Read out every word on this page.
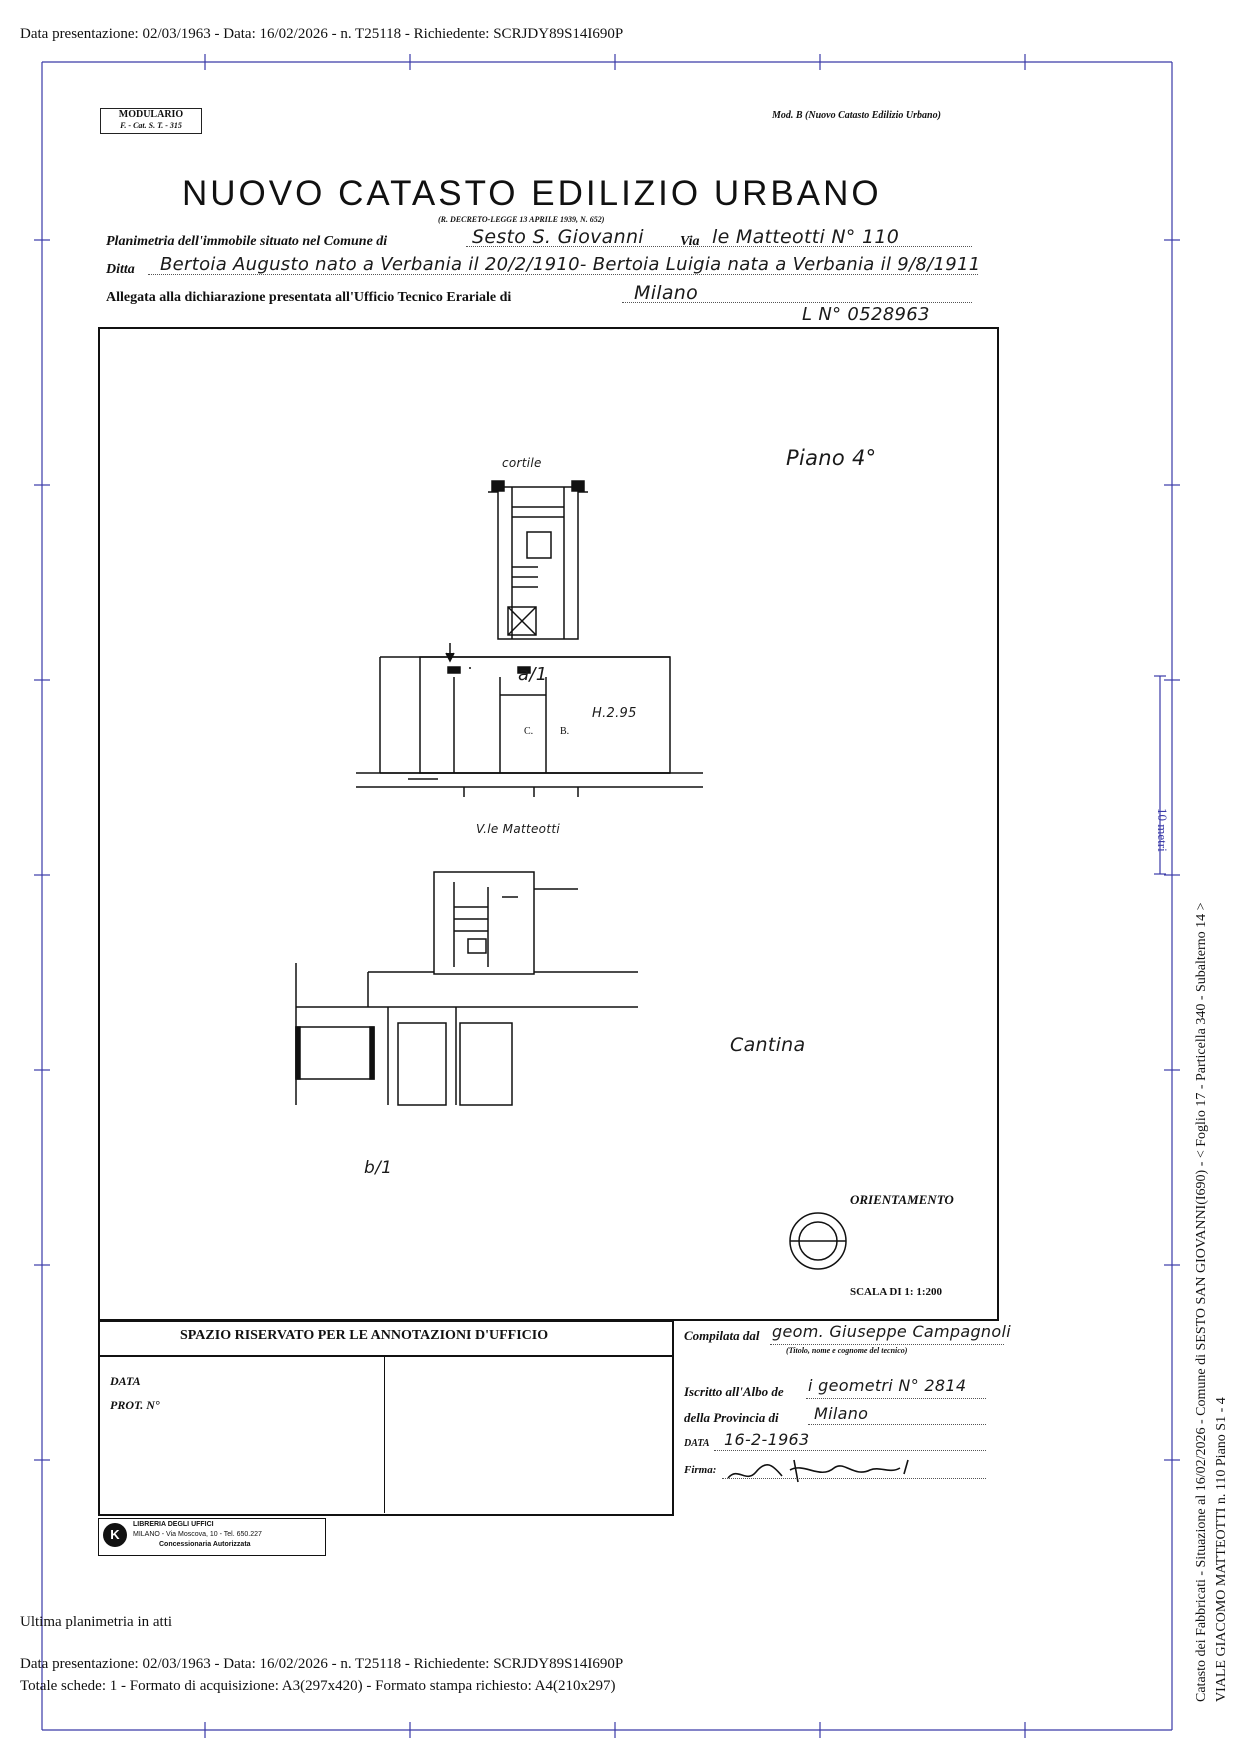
Data presentazione: 02/03/1963 - Data: 16/02/2026 - n. T25118 - Richiedente: SCRJDY89S14I690P
10 metri
MODULARIO
F. - Cat. S. T. - 315
Mod. B (Nuovo Catasto Edilizio Urbano)
NUOVO CATASTO EDILIZIO URBANO
(R. DECRETO-LEGGE 13 APRILE 1939, N. 652)
Planimetria dell'immobile situato nel Comune di	Sesto S. Giovanni	Via le Matteotti N° 110
Ditta Bertoia Augusto nato a Verbania il 20/2/1910- Bertoia Luigia nata a Verbania il 9/8/1911
Allegata alla dichiarazione presentata all'Ufficio Tecnico Erariale di	Milano
L N° 0528963
cortile	Piano 4°
a/1
C.	B.
H.2.95
V.le Matteotti
Cantina
b/1
ORIENTAMENTO
SCALA DI 1: 1:200
SPAZIO RISERVATO PER LE ANNOTAZIONI D'UFFICIO
DATA
PROT. N°
K
LIBRERIA DEGLI UFFICI
MILANO - Via Moscova, 10 - Tel. 650.227
Concessionaria Autorizzata
Compilata dal geom. Giuseppe Campagnoli
(Titolo, nome e cognome del tecnico)
Iscritto all'Albo de i geometri N° 2814
della Provincia di Milano
DATA 16-2-1963
Firma:	Catasto dei Fabbricati - Situazione al 16/02/2026 - Comune di SESTO SAN GIOVANNI(I690) - < Foglio 17 - Particella 340 - Subalterno 14 > VIALE GIACOMO MATTEOTTI n. 110 Piano S1 - 4
Ultima planimetria in atti
Data presentazione: 02/03/1963 - Data: 16/02/2026 - n. T25118 - Richiedente: SCRJDY89S14I690P
Totale schede: 1 - Formato di acquisizione: A3(297x420) - Formato stampa richiesto: A4(210x297)
